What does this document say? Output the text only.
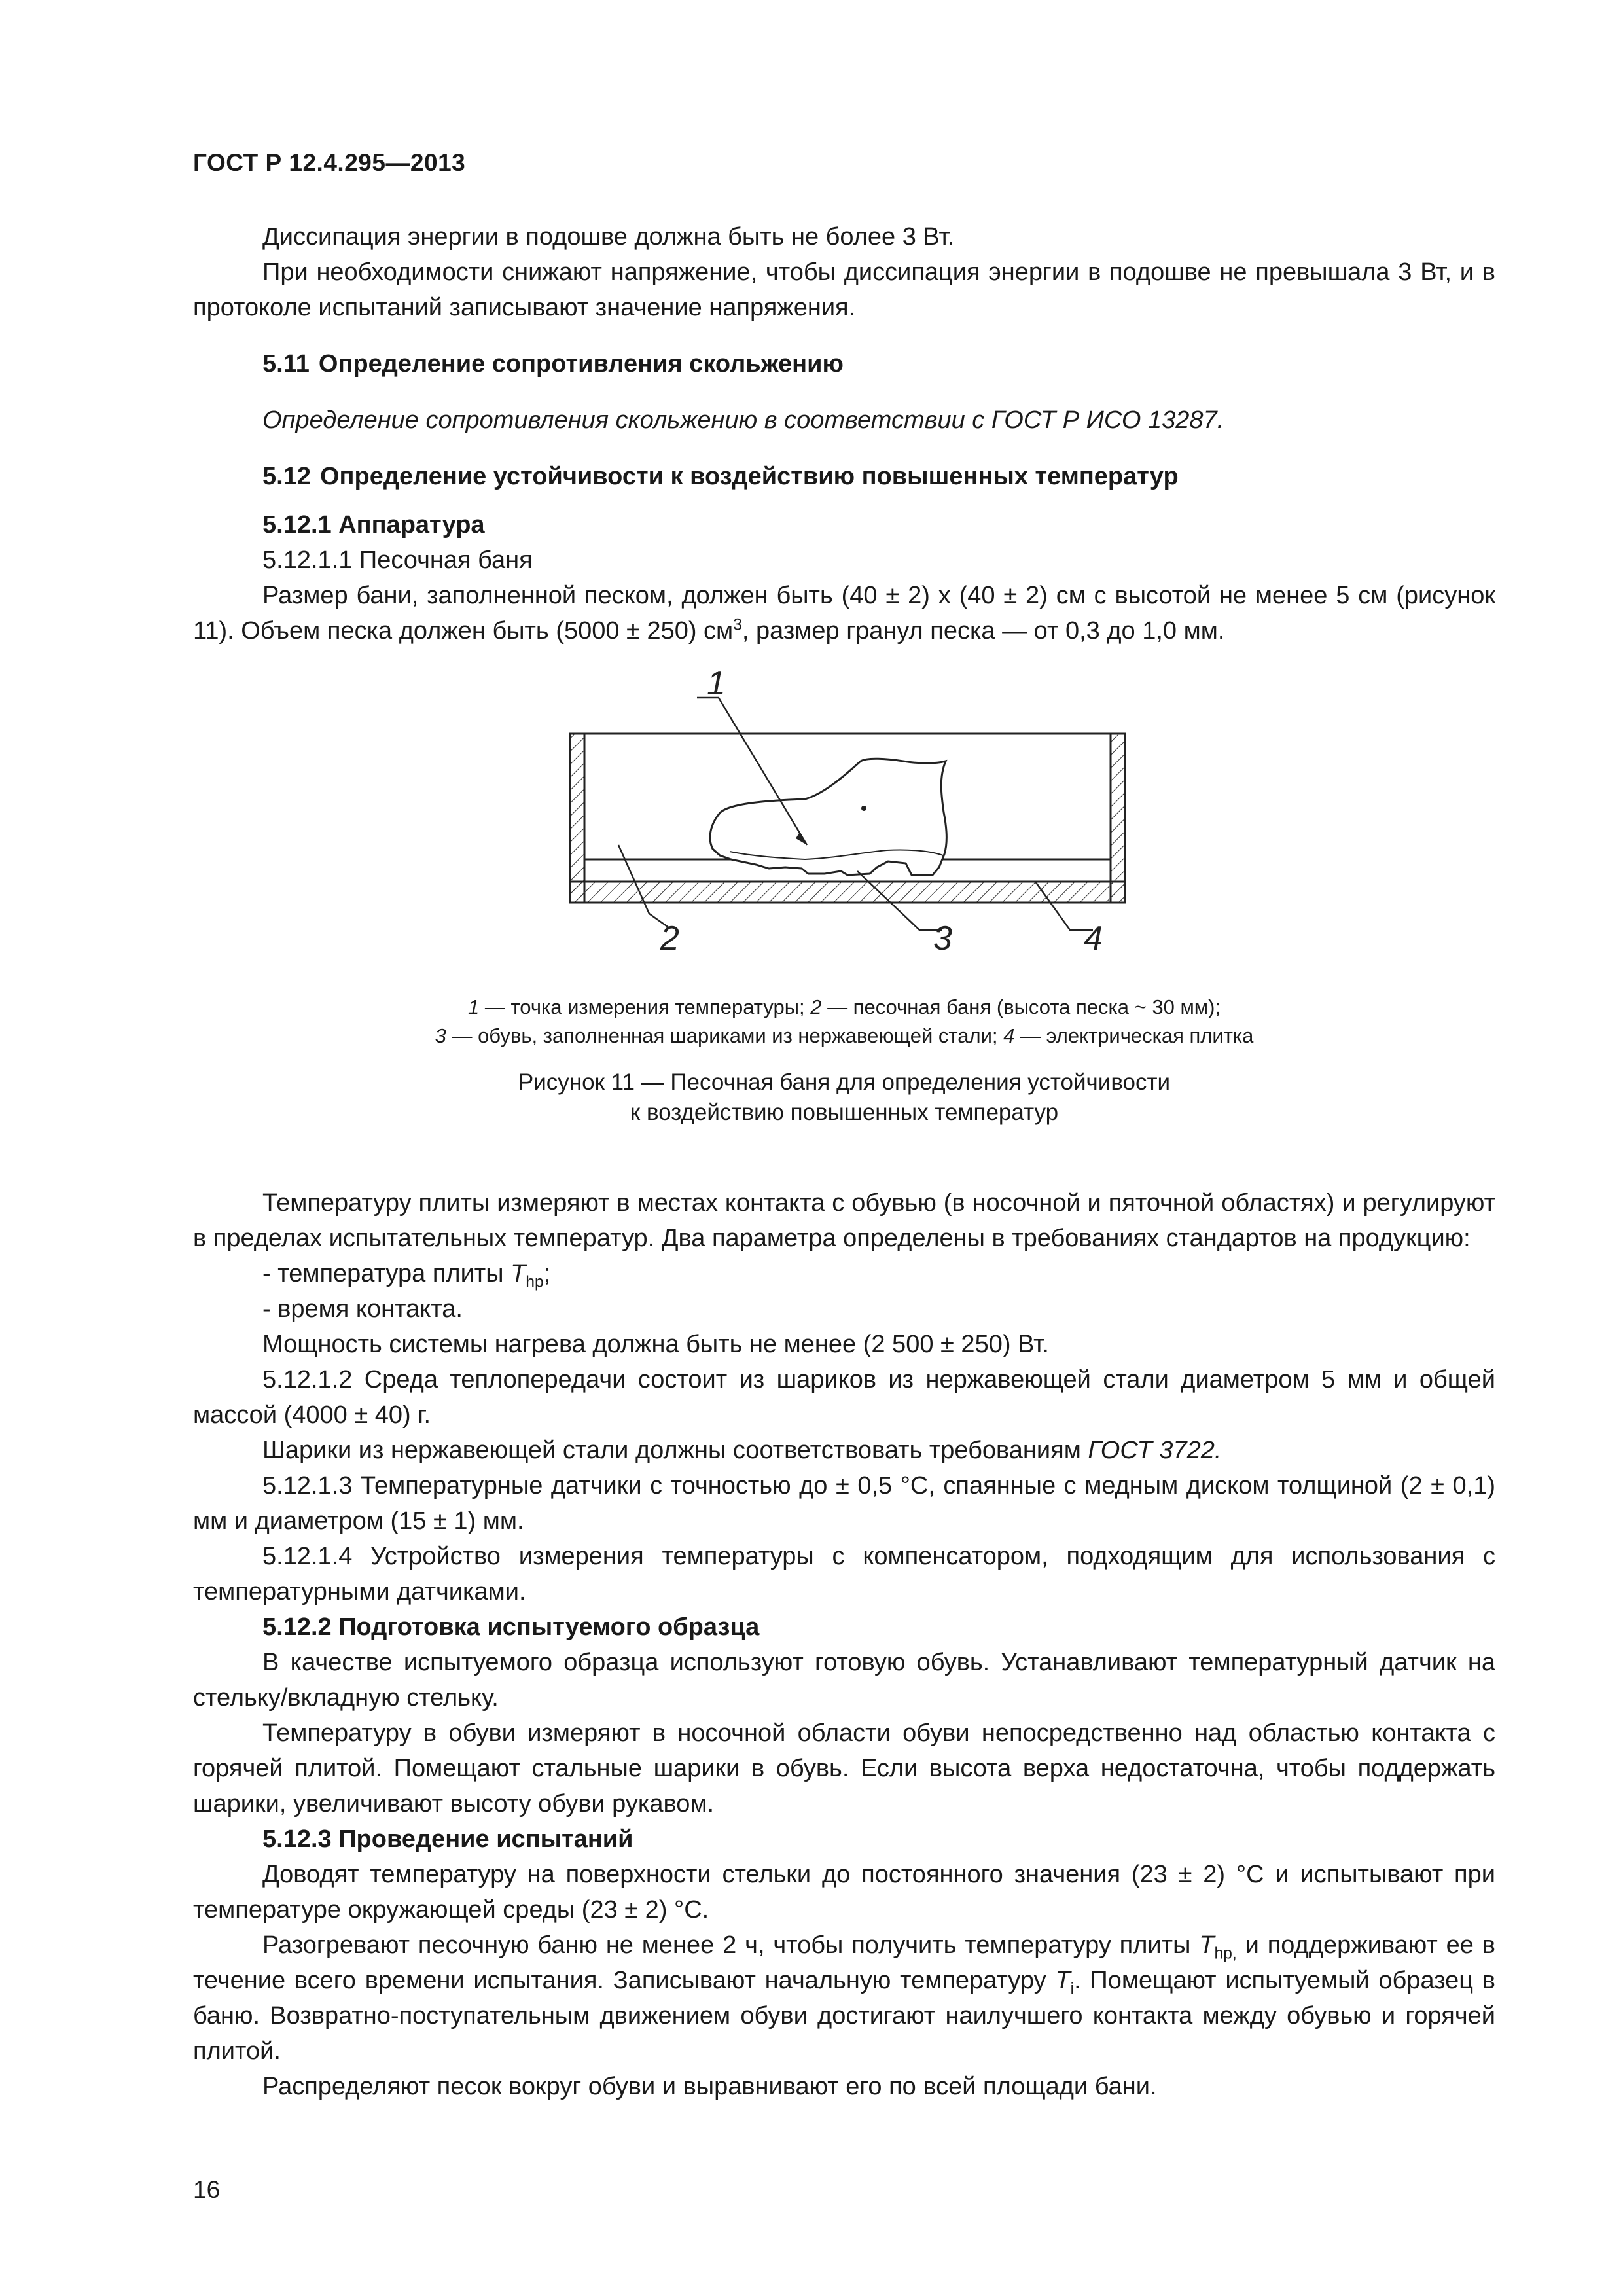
ГОСТ Р 12.4.295—2013

Диссипация энергии в подошве должна быть не более 3 Вт.

При необходимости снижают напряжение, чтобы диссипация энергии в подошве не превышала 3 Вт, и в протоколе испытаний записывают значение напряжения.

5.11 Определение сопротивления скольжению

Определение сопротивления скольжению в соответствии с ГОСТ Р ИСО 13287.

5.12 Определение устойчивости к воздействию повышенных температур

5.12.1 Аппаратура

5.12.1.1 Песочная баня

Размер бани, заполненной песком, должен быть (40 ± 2) х (40 ± 2) см с высотой не менее 5 см (рисунок 11). Объем песка должен быть (5000 ± 250) $см^3$, размер гранул песка — от 0,3 до 1,0 мм.

1
2	3	4
1 — точка измерения температуры; 2 — песочная баня (высота песка ~ 30 мм);
3 — обувь, заполненная шариками из нержавеющей стали; 4 — электрическая плитка
Рисунок 11 — Песочная баня для определения устойчивости
к воздействию повышенных температур

Температуру плиты измеряют в местах контакта с обувью (в носочной и пяточной областях) и регулируют в пределах испытательных температур. Два параметра определены в требованиях стандартов на продукцию:

- температура плиты $T_{hp}$;

- время контакта.

Мощность системы нагрева должна быть не менее (2 500 ± 250) Вт.

5.12.1.2 Среда теплопередачи состоит из шариков из нержавеющей стали диаметром 5 мм и общей массой (4000 ± 40) г.

Шарики из нержавеющей стали должны соответствовать требованиям ГОСТ 3722.

5.12.1.3 Температурные датчики с точностью до ± 0,5 °С, спаянные с медным диском толщиной (2 ± 0,1) мм и диаметром (15 ± 1) мм.

5.12.1.4 Устройство измерения температуры с компенсатором, подходящим для использования с температурными датчиками.

5.12.2 Подготовка испытуемого образца

В качестве испытуемого образца используют готовую обувь. Устанавливают температурный датчик на стельку/вкладную стельку.

Температуру в обуви измеряют в носочной области обуви непосредственно над областью контакта с горячей плитой. Помещают стальные шарики в обувь. Если высота верха недостаточна, чтобы поддержать шарики, увеличивают высоту обуви рукавом.

5.12.3 Проведение испытаний

Доводят температуру на поверхности стельки до постоянного значения (23 ± 2) °С и испытывают при температуре окружающей среды (23 ± 2) °С.

Разогревают песочную баню не менее 2 ч, чтобы получить температуру плиты $T_{hp,}$ и поддерживают ее в течение всего времени испытания. Записывают начальную температуру $T_i$. Помещают испытуемый образец в баню. Возвратно-поступательным движением обуви достигают наилучшего контакта между обувью и горячей плитой.

Распределяют песок вокруг обуви и выравнивают его по всей площади бани.

16
